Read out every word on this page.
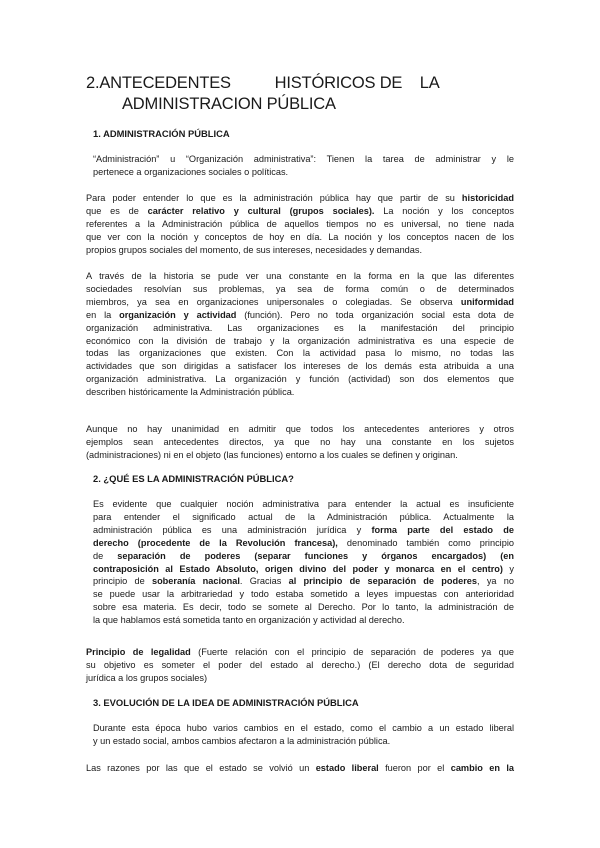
2.ANTECEDENTES          HISTÓRICOS DE    LA
ADMINISTRACION PÚBLICA
1. ADMINISTRACIÓN PÚBLICA

“Administración” u “Organización administrativa”: Tienen la tarea de administrar y le
pertenece a organizaciones sociales o políticas.

Para poder entender lo que es la administración pública hay que partir de su historicidad
que es de carácter relativo y cultural (grupos sociales). La noción y los conceptos
referentes a la Administración pública de aquellos tiempos no es universal, no tiene nada
que ver con la noción y conceptos de hoy en día. La noción y los conceptos nacen de los
propios grupos sociales del momento, de sus intereses, necesidades y demandas.

A través de la historia se pude ver una constante en la forma en la que las diferentes
sociedades resolvían sus problemas, ya sea de forma común o de determinados
miembros, ya sea en organizaciones unipersonales o colegiadas. Se observa uniformidad
en la organización y actividad (función). Pero no toda organización social esta dota de
organización administrativa. Las organizaciones es la manifestación del principio
económico con la división de trabajo y la organización administrativa es una especie de
todas las organizaciones que existen. Con la actividad pasa lo mismo, no todas las
actividades que son dirigidas a satisfacer los intereses de los demás esta atribuida a una
organización administrativa. La organización y función (actividad) son dos elementos que
describen históricamente la Administración pública.

Aunque no hay unanimidad en admitir que todos los antecedentes anteriores y otros
ejemplos sean antecedentes directos, ya que no hay una constante en los sujetos
(administraciones) ni en el objeto (las funciones) entorno a los cuales se definen y originan.

2. ¿QUÉ ES LA ADMINISTRACIÓN PÚBLICA?

Es evidente que cualquier noción administrativa para entender la actual es insuficiente
para entender el significado actual de la Administración pública. Actualmente la
administración pública es una administración jurídica y forma parte del estado de
derecho (procedente de la Revolución francesa), denominado también como principio
de separación de poderes (separar funciones y órganos encargados) (en
contraposición al Estado Absoluto, origen divino del poder y monarca en el centro) y
principio de soberanía nacional. Gracias al principio de separación de poderes, ya no
se puede usar la arbitrariedad y todo estaba sometido a leyes impuestas con anterioridad
sobre esa materia. Es decir, todo se somete al Derecho. Por lo tanto, la administración de
la que hablamos está sometida tanto en organización y actividad al derecho.

Principio de legalidad (Fuerte relación con el principio de separación de poderes ya que
su objetivo es someter el poder del estado al derecho.) (El derecho dota de seguridad
jurídica a los grupos sociales)

3. EVOLUCIÓN DE LA IDEA DE ADMINISTRACIÓN PÚBLICA

Durante esta época hubo varios cambios en el estado, como el cambio a un estado liberal
y un estado social, ambos cambios afectaron a la administración pública.

Las razones por las que el estado se volvió un estado liberal fueron por el cambio en la
